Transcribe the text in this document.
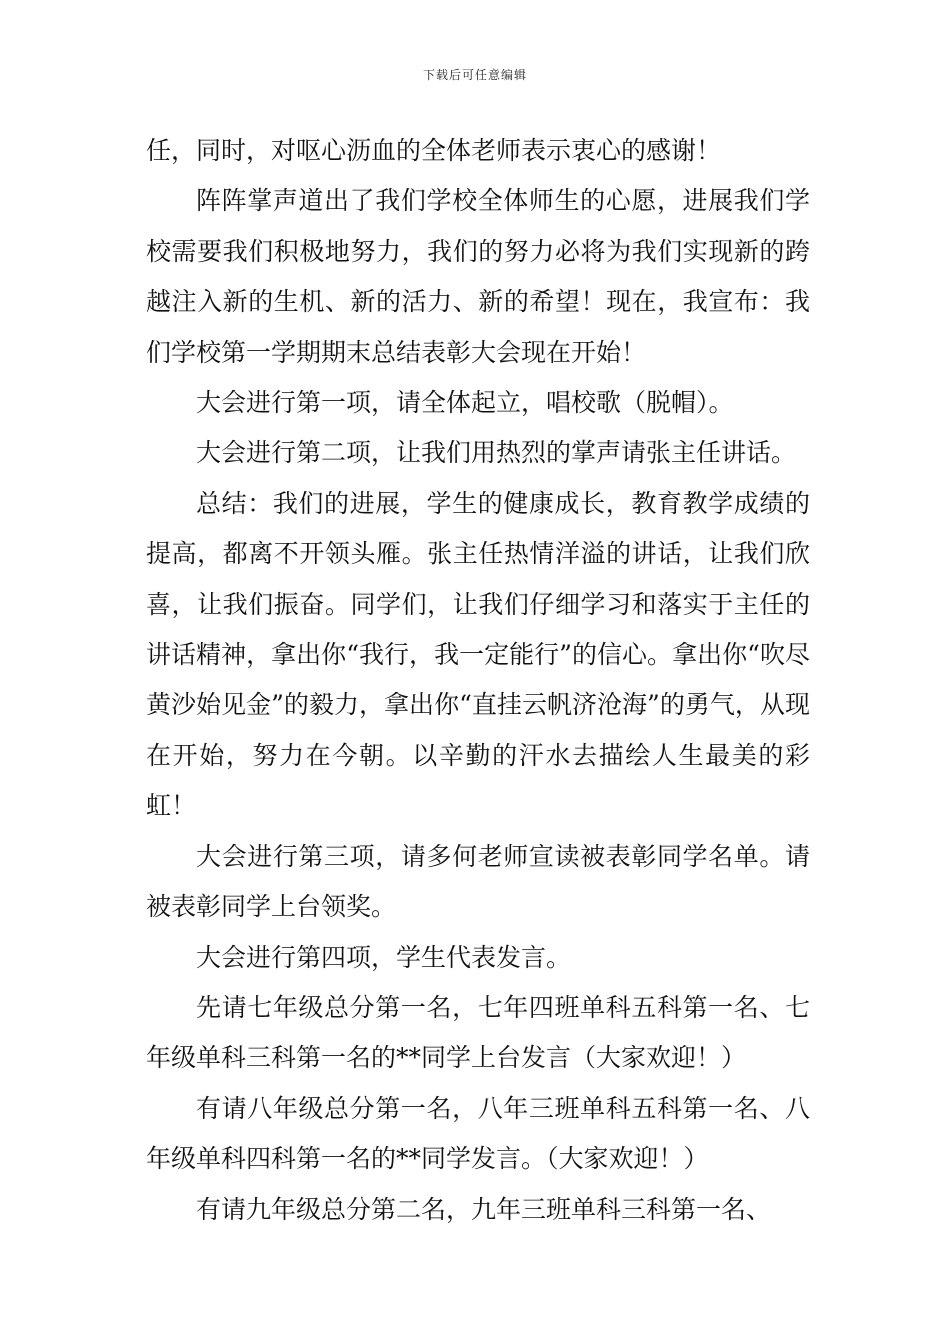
下载后可任意编辑

任，同时，对呕心沥血的全体老师表示衷心的感谢！

阵阵掌声道出了我们学校全体师生的心愿，进展我们学校需要我们积极地努力，我们的努力必将为我们实现新的跨越注入新的生机、新的活力、新的希望！现在，我宣布：我们学校第一学期期末总结表彰大会现在开始！

大会进行第一项，请全体起立，唱校歌（脱帽）。

大会进行第二项，让我们用热烈的掌声请张主任讲话。

总结：我们的进展，学生的健康成长，教育教学成绩的提高，都离不开领头雁。张主任热情洋溢的讲话，让我们欣喜，让我们振奋。同学们，让我们仔细学习和落实于主任的讲话精神，拿出你“我行，我一定能行”的信心。拿出你“吹尽黄沙始见金”的毅力，拿出你“直挂云帆济沧海”的勇气，从现在开始，努力在今朝。以辛勤的汗水去描绘人生最美的彩虹！

大会进行第三项，请多何老师宣读被表彰同学名单。请被表彰同学上台领奖。

大会进行第四项，学生代表发言。

先请七年级总分第一名，七年四班单科五科第一名、七年级单科三科第一名的**同学上台发言（大家欢迎！）

有请八年级总分第一名，八年三班单科五科第一名、八年级单科四科第一名的**同学发言。（大家欢迎！）

有请九年级总分第二名，九年三班单科三科第一名、
